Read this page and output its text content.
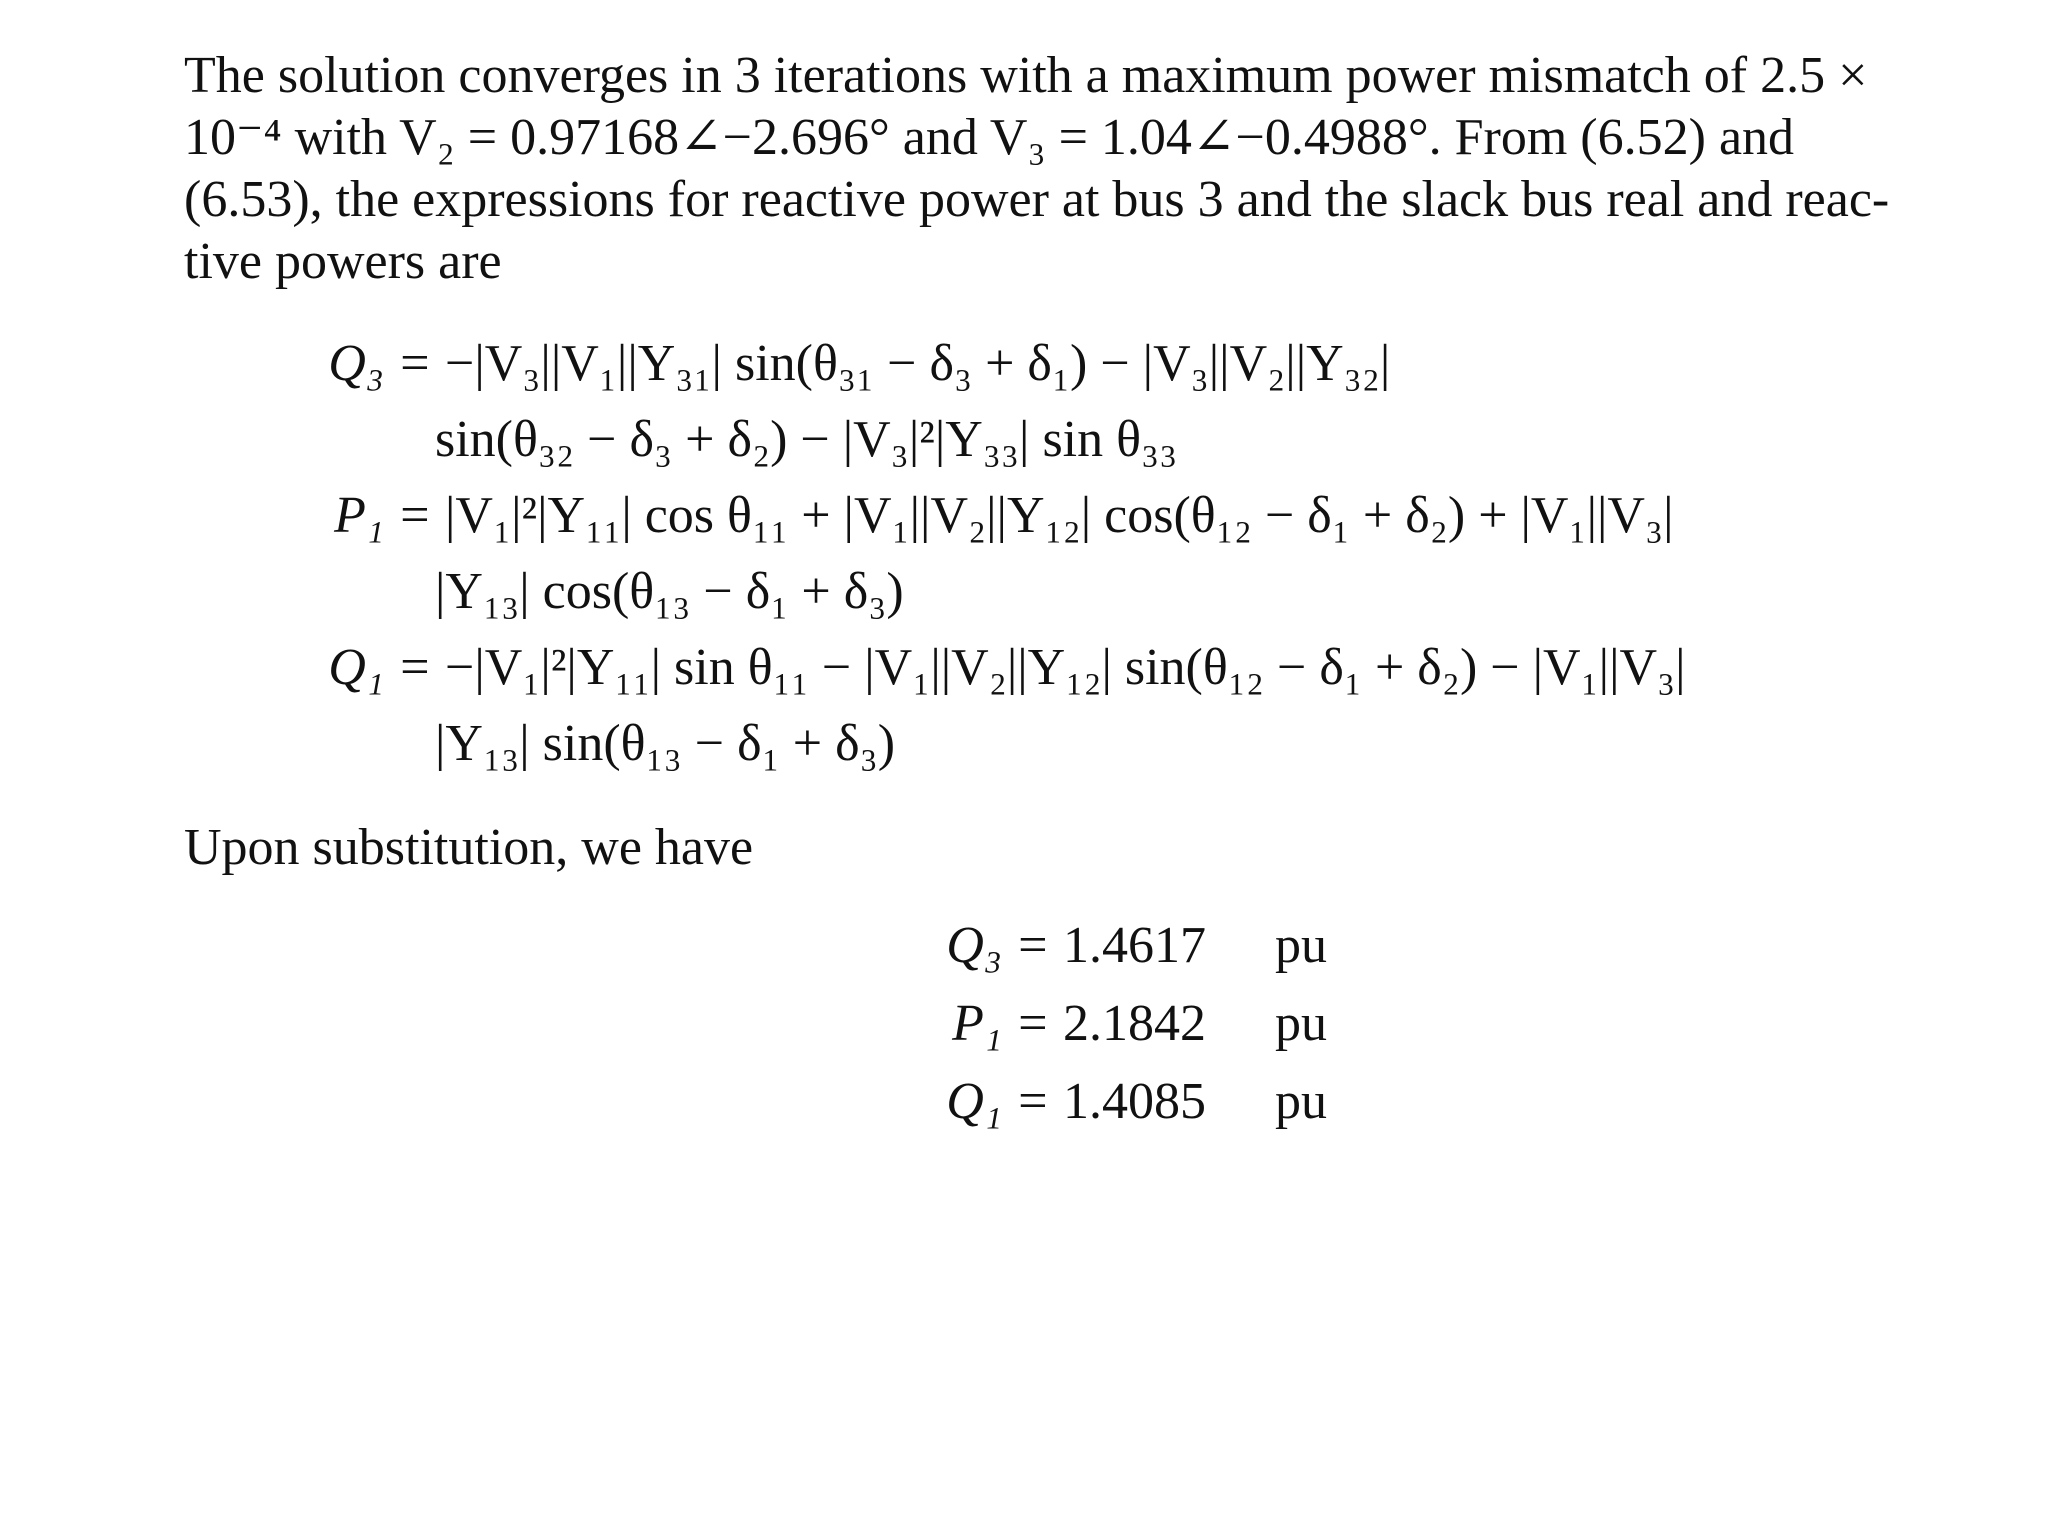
The solution converges in 3 iterations with a maximum power mismatch of 2.5 ×
10⁻⁴ with V₂ = 0.97168∠−2.696° and V₃ = 1.04∠−0.4988°. From (6.52) and
(6.53), the expressions for reactive power at bus 3 and the slack bus real and reac-
tive powers are
Q₃ = −|V₃||V₁||Y₃₁| sin(θ₃₁ − δ₃ + δ₁) − |V₃||V₂||Y₃₂|
sin(θ₃₂ − δ₃ + δ₂) − |V₃|²|Y₃₃| sin θ₃₃
P₁ = |V₁|²|Y₁₁| cos θ₁₁ + |V₁||V₂||Y₁₂| cos(θ₁₂ − δ₁ + δ₂) + |V₁||V₃|
|Y₁₃| cos(θ₁₃ − δ₁ + δ₃)
Q₁ = −|V₁|²|Y₁₁| sin θ₁₁ − |V₁||V₂||Y₁₂| sin(θ₁₂ − δ₁ + δ₂) − |V₁||V₃|
|Y₁₃| sin(θ₁₃ − δ₁ + δ₃)
Upon substitution, we have
Q₃ = 1.4617 pu
P₁ = 2.1842 pu
Q₁ = 1.4085 pu
